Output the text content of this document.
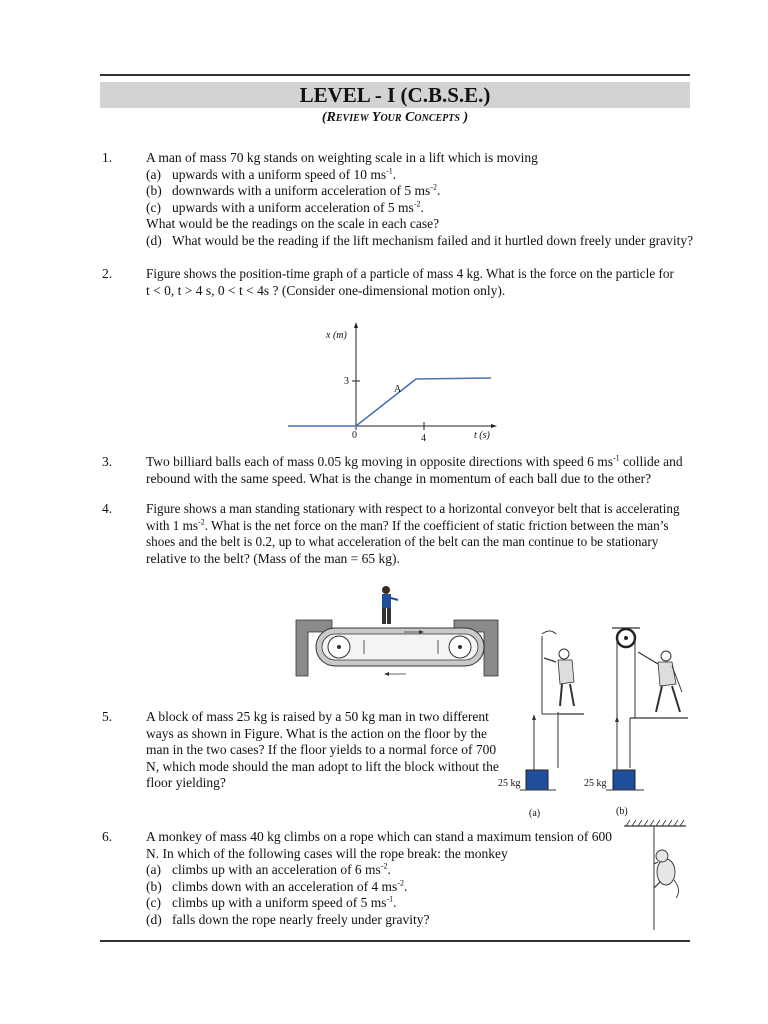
LEVEL - I (C.B.S.E.)
(Review Your Concepts )
1.	A man of mass 70 kg stands on weighting scale in a lift which is moving
(a) upwards with a uniform speed of 10 $ms^{-1}$.
(b) downwards with a uniform acceleration of 5 $ms^{-2}$.
(c) upwards with a uniform acceleration of 5 $ms^{-2}$.
What would be the readings on the scale in each case?
(d) What would be the reading if the lift mechanism failed and it hurtled down freely under gravity?
2.	Figure shows the position-time graph of a particle of mass 4 kg. What is the force on the particle for
t < 0, t > 4 s, 0 < t < 4s ? (Consider one-dimensional motion only).
x (m)
3
A
0	4	t (s)
3.	Two billiard balls each of mass 0.05 kg moving in opposite directions with speed 6 $ms^{-1}$ collide and
rebound with the same speed. What is the change in momentum of each ball due to the other?
4.	Figure shows a man standing stationary with respect to a horizontal conveyor belt that is accelerating
with 1 $ms^{-2}$. What is the net force on the man? If the coefficient of static friction between the man’s
shoes and the belt is 0.2, up to what acceleration of the belt can the man continue to be stationary
relative to the belt? (Mass of the man = 65 kg).
25 kg	25 kg
(a)	(b)
5.	A block of mass 25 kg is raised by a 50 kg man in two different
ways as shown in Figure. What is the action on the floor by the
man in the two cases? If the floor yields to a normal force of 700
N, which mode should the man adopt to lift the block without the
floor yielding?
6.	A monkey of mass 40 kg climbs on a rope which can stand a maximum tension of 600
N. In which of the following cases will the rope break: the monkey
(a) climbs up with an acceleration of 6 $ms^{-2}$.
(b) climbs down with an acceleration of 4 $ms^{-2}$.
(c) climbs up with a uniform speed of 5 $ms^{-1}$.
(d) falls down the rope nearly freely under gravity?
